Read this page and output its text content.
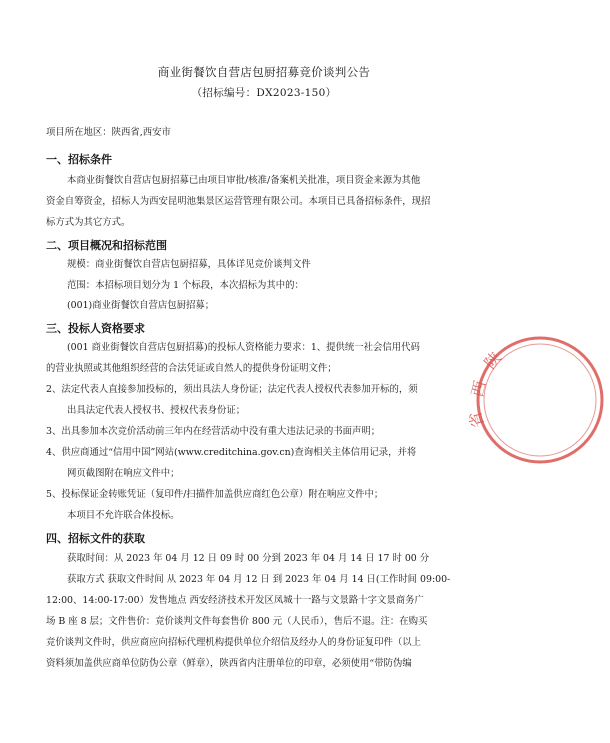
商业街餐饮自营店包厨招募竞价谈判公告
（招标编号：DX2023-150）
项目所在地区：陕西省,西安市
一、招标条件
本商业街餐饮自营店包厨招募已由项目审批/核准/备案机关批准，项目资金来源为其他
资金自筹资金，招标人为西安昆明池集景区运营管理有限公司。本项目已具备招标条件，现招
标方式为其它方式。
二、项目概况和招标范围
规模：商业街餐饮自营店包厨招募，具体详见竞价谈判文件
范围：本招标项目划分为 1 个标段，本次招标为其中的：
(001)商业街餐饮自营店包厨招募；
三、投标人资格要求
(001 商业街餐饮自营店包厨招募)的投标人资格能力要求：1、提供统一社会信用代码
的营业执照或其他组织经营的合法凭证或自然人的提供身份证明文件；
2、法定代表人直接参加投标的，须出具法人身份证；法定代表人授权代表参加开标的，须
出具法定代表人授权书、授权代表身份证；
3、出具参加本次竞价活动前三年内在经营活动中没有重大违法记录的书面声明；
4、供应商通过“信用中国”网站(www.creditchina.gov.cn)查询相关主体信用记录，并将
网页截图附在响应文件中；
5、投标保证金转账凭证（复印件/扫描件加盖供应商红色公章）附在响应文件中；
本项目不允许联合体投标。
四、招标文件的获取
获取时间：从 2023 年 04 月 12 日 09 时 00 分到 2023 年 04 月 14 日 17 时 00 分
获取方式 获取文件时间 从 2023 年 04 月 12 日 到 2023 年 04 月 14 日(工作时间 09:00-
12:00、14:00-17:00）发售地点 西安经济技术开发区凤城十一路与文景路十字文景商务广
场 B 座 8 层；文件售价：竞价谈判文件每套售价 800 元（人民币），售后不退。注：在购买
竞价谈判文件时，供应商应向招标代理机构提供单位介绍信及经办人的身份证复印件（以上
资料须加盖供应商单位防伪公章（鲜章），陕西省内注册单位的印章，必须使用“带防伪编
陕
西
省
